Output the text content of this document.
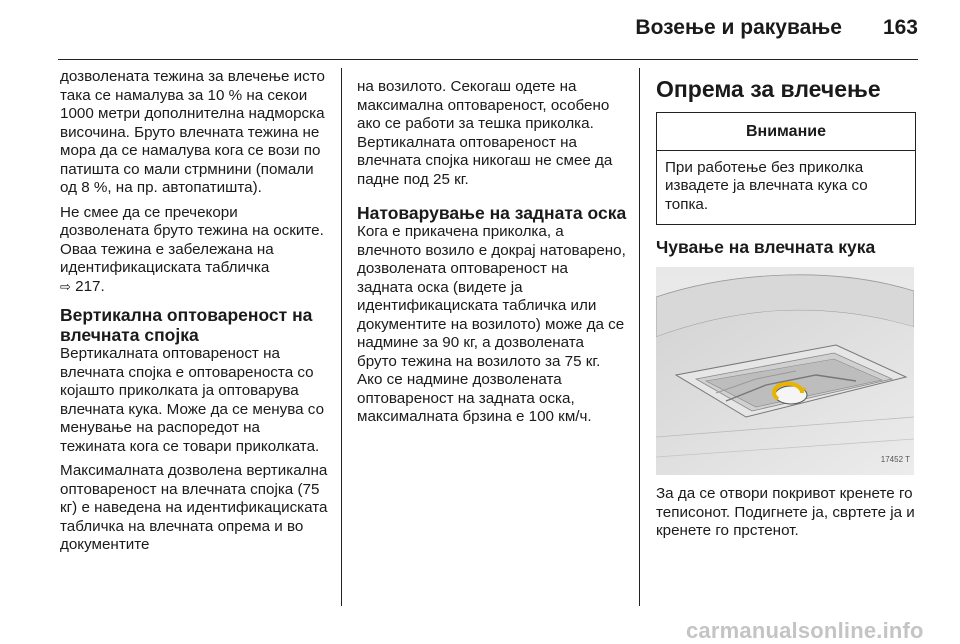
Возење и ракување 163

дозволената тежина за влечење исто така се намалува за 10 % на секои 1000 метри дополнителна надморска височина. Бруто влечната тежина не мора да се намалува кога се вози по патишта со мали стрмнини (помали од 8 %, на пр. автопатишта).

Не смее да се пречекори дозволената бруто тежина на оските. Оваа тежина е забележана на идентификациската табличка
⇨ 217.

Вертикална оптовареност на влечната спојка

Вертикалната оптовареност на влечната спојка е оптовареноста со којашто приколката ја оптоварува влечната кука. Може да се менува со менување на распоредот на тежината кога се товари приколката.

Максималната дозволена вертикална оптовареност на влечната спојка (75 кг) е наведена на идентификациската табличка на влечната опрема и во документите

на возилото. Секогаш одете на максимална оптовареност, особено ако се работи за тешка приколка. Вертикалната оптовареност на влечната спојка никогаш не смее да падне под 25 кг.

Натоварување на задната оска

Кога е прикачена приколка, а влечното возило е докрај натоварено, дозволената оптовареност на задната оска (видете ја идентификациската табличка или документите на возилото) може да се надмине за 90 кг, а дозволената бруто тежина на возилото за 75 кг. Ако се надмине дозволената оптовареност на задната оска, максималната брзина е 100 км/ч.

Опрема за влечење
Внимание
При работење без приколка извадете ја влечната кука со топка.
Чување на влечната кука
17452 T

За да се отвори покривот кренете го теписонот. Подигнете ја, свртете ја и кренете го прстенот.

carmanualsonline.info
